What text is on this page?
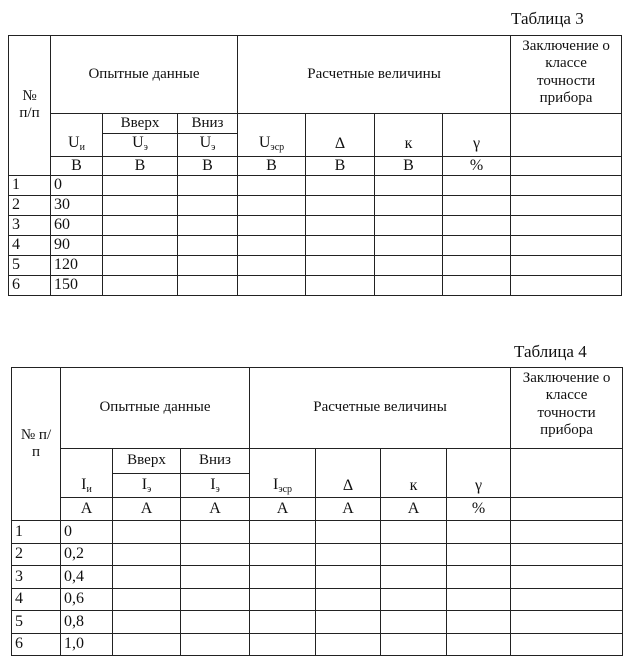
Таблица 3
№ п/п	Опытные данные			Расчетные величины				Заключение о классе точности прибора	
	$U_и$	Вверх	Вниз	$U_{эср}$	Δ	к	γ		
		$U_э$	$U_э$
	В	В	В	В	В	В	%		
1	0								
2	30								
3	60								
4	90								
5	120								
6	150								
Таблица 4
№ п/п	Опытные данные			Расчетные величины				Заключение о классе точности прибора	
	$I_и$	Вверх	Вниз	$I_{эср}$	Δ	к	γ		
		$I_э$	$I_э$
	А	А	А	А	А	А	%		
1	0								
2	0,2								
3	0,4								
4	0,6								
5	0,8								
6	1,0								
